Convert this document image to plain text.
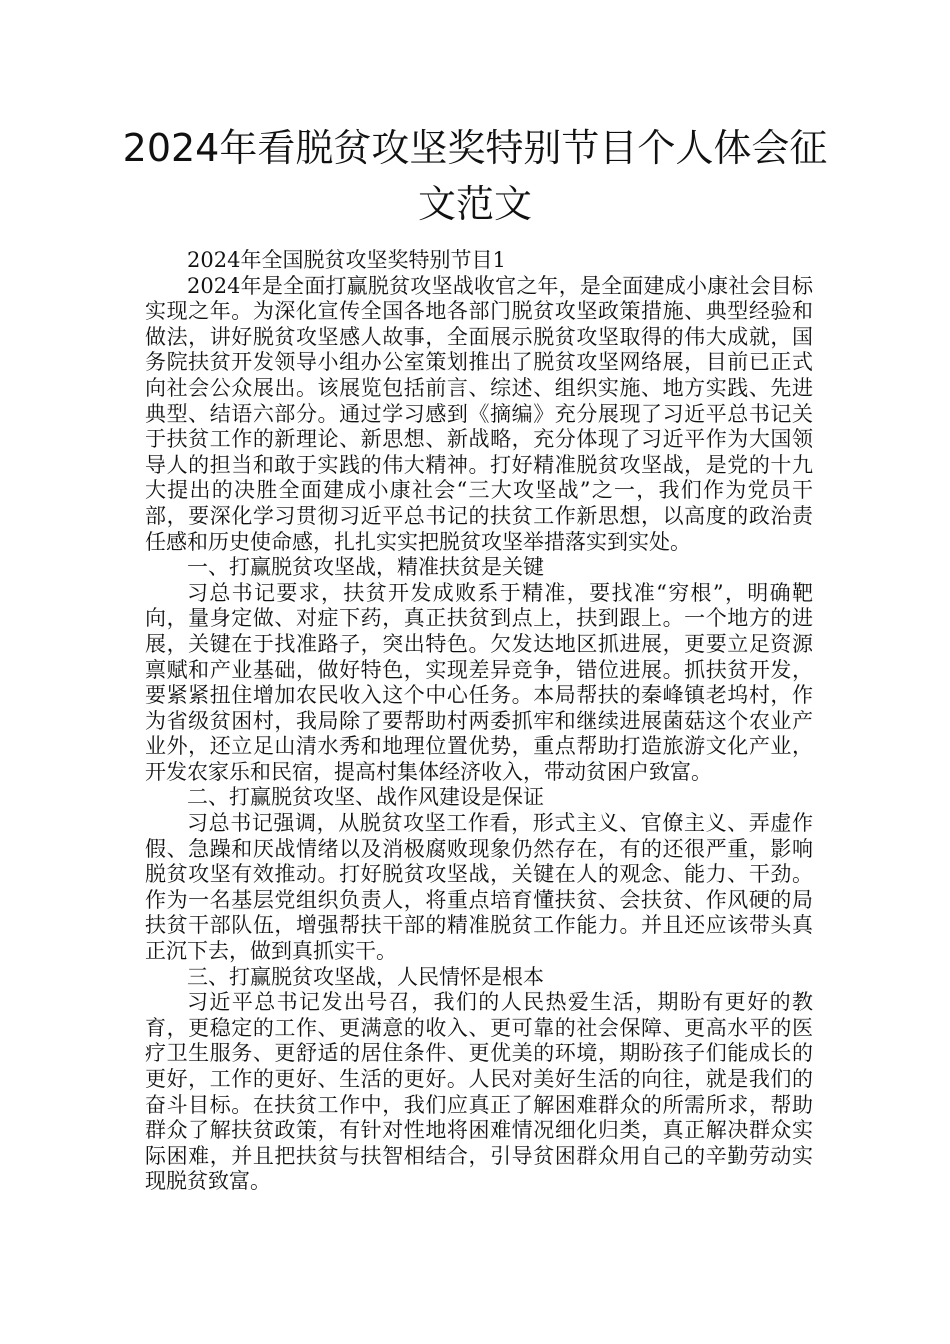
2024年看脱贫攻坚奖特别节目个人体会征文范文

2024年全国脱贫攻坚奖特别节目1

2024年是全面打赢脱贫攻坚战收官之年，是全面建成小康社会目标实现之年。为深化宣传全国各地各部门脱贫攻坚政策措施、典型经验和做法，讲好脱贫攻坚感人故事，全面展示脱贫攻坚取得的伟大成就，国务院扶贫开发领导小组办公室策划推出了脱贫攻坚网络展，目前已正式向社会公众展出。该展览包括前言、综述、组织实施、地方实践、先进典型、结语六部分。通过学习感到《摘编》充分展现了习近平总书记关于扶贫工作的新理论、新思想、新战略，充分体现了习近平作为大国领导人的担当和敢于实践的伟大精神。打好精准脱贫攻坚战，是党的十九大提出的决胜全面建成小康社会“三大攻坚战”之一，我们作为党员干部，要深化学习贯彻习近平总书记的扶贫工作新思想，以高度的政治责任感和历史使命感，扎扎实实把脱贫攻坚举措落实到实处。

一、打赢脱贫攻坚战，精准扶贫是关键

习总书记要求，扶贫开发成败系于精准，要找准“穷根”，明确靶向，量身定做、对症下药，真正扶贫到点上，扶到跟上。一个地方的进展，关键在于找准路子，突出特色。欠发达地区抓进展，更要立足资源禀赋和产业基础，做好特色，实现差异竞争，错位进展。抓扶贫开发，要紧紧扭住增加农民收入这个中心任务。本局帮扶的秦峰镇老坞村，作为省级贫困村，我局除了要帮助村两委抓牢和继续进展菌菇这个农业产业外，还立足山清水秀和地理位置优势，重点帮助打造旅游文化产业，开发农家乐和民宿，提高村集体经济收入，带动贫困户致富。

二、打赢脱贫攻坚、战作风建设是保证

习总书记强调，从脱贫攻坚工作看，形式主义、官僚主义、弄虚作假、急躁和厌战情绪以及消极腐败现象仍然存在，有的还很严重，影响脱贫攻坚有效推动。打好脱贫攻坚战，关键在人的观念、能力、干劲。作为一名基层党组织负责人，将重点培育懂扶贫、会扶贫、作风硬的局扶贫干部队伍，增强帮扶干部的精准脱贫工作能力。并且还应该带头真正沉下去，做到真抓实干。

三、打赢脱贫攻坚战，人民情怀是根本

习近平总书记发出号召，我们的人民热爱生活，期盼有更好的教育，更稳定的工作、更满意的收入、更可靠的社会保障、更高水平的医疗卫生服务、更舒适的居住条件、更优美的环境，期盼孩子们能成长的更好，工作的更好、生活的更好。人民对美好生活的向往，就是我们的奋斗目标。在扶贫工作中，我们应真正了解困难群众的所需所求，帮助群众了解扶贫政策，有针对性地将困难情况细化归类，真正解决群众实际困难，并且把扶贫与扶智相结合，引导贫困群众用自己的辛勤劳动实现脱贫致富。
